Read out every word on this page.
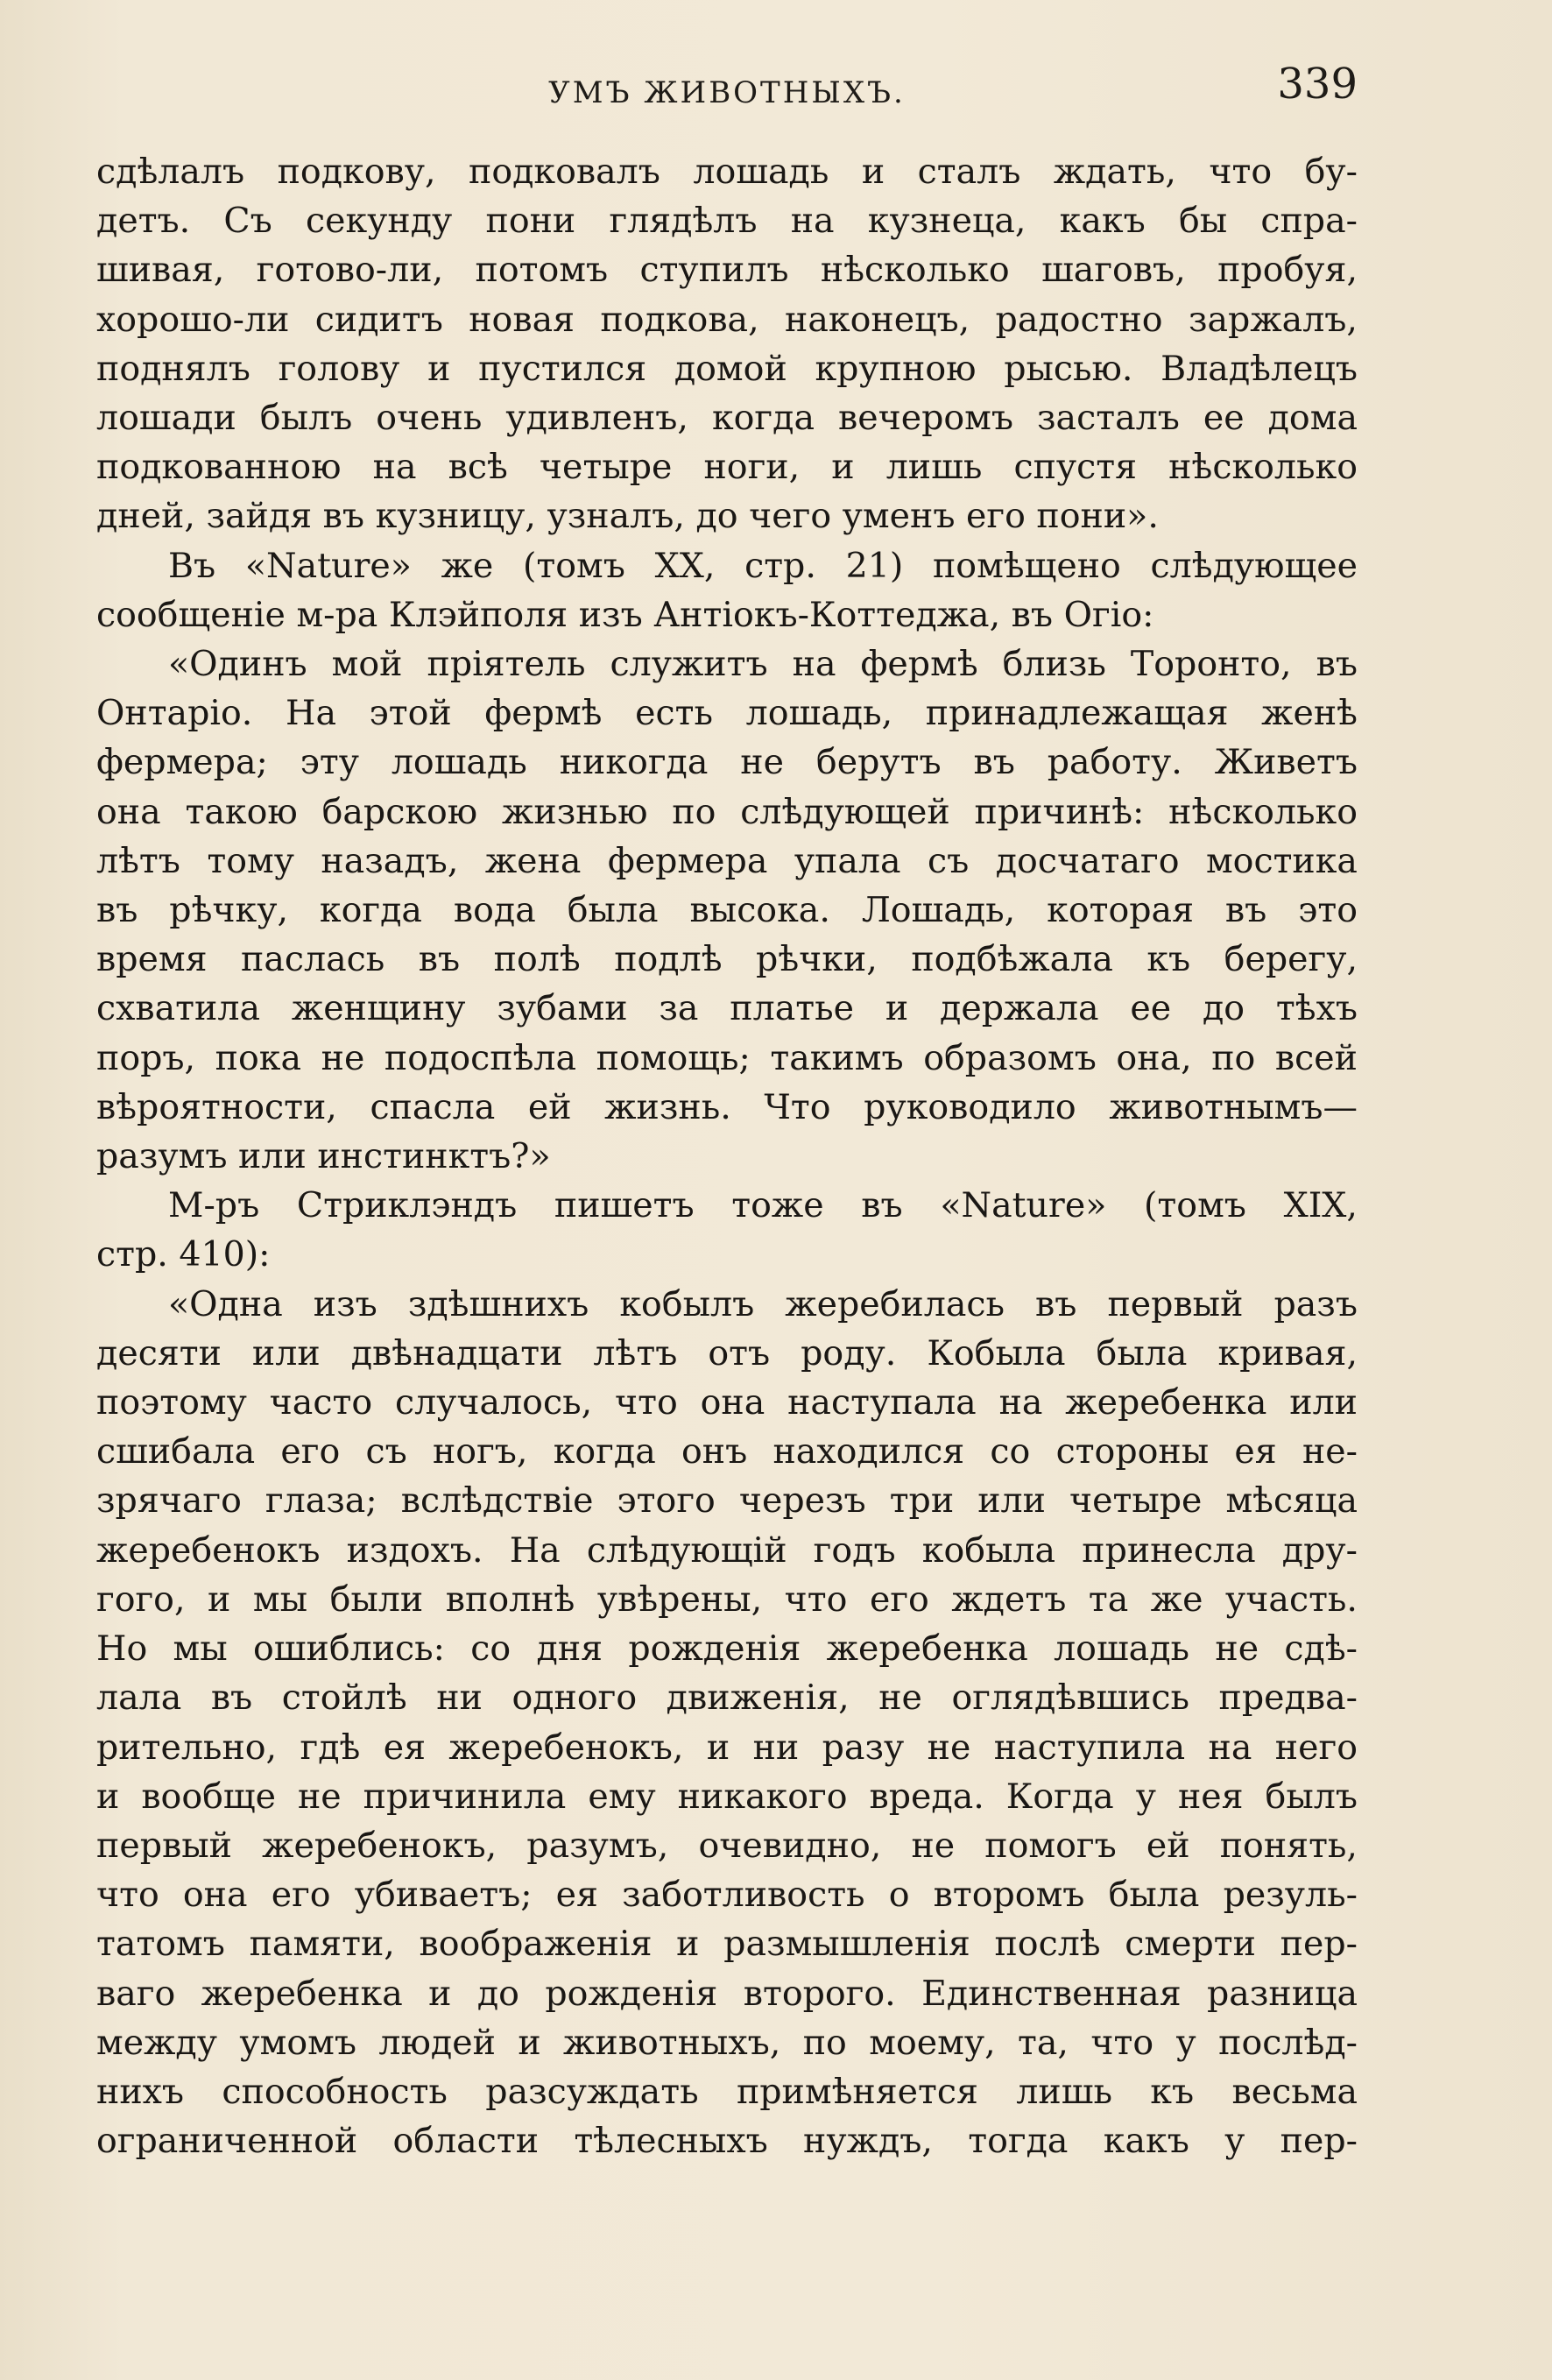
УМЪ ЖИВОТНЫХЪ.	339
сдѣлалъ подкову, подковалъ лошадь и сталъ ждать, что бу-
детъ. Съ секунду пони глядѣлъ на кузнеца, какъ бы спра-
шивая, готово-ли, потомъ ступилъ нѣсколько шаговъ, пробуя,
хорошо-ли сидитъ новая подкова, наконецъ, радостно заржалъ,
поднялъ голову и пустился домой крупною рысью. Владѣлецъ
лошади былъ очень удивленъ, когда вечеромъ засталъ ее дома
подкованною на всѣ четыре ноги, и лишь спустя нѣсколько
дней, зайдя въ кузницу, узналъ, до чего уменъ его пони».
Въ «Nature» же (томъ XX, стр. 21) помѣщено слѣдующее
сообщеніе м-ра Клэйполя изъ Антіокъ-Коттеджа, въ Огіо:
«Одинъ мой пріятель служитъ на фермѣ близь Торонто, въ
Онтаріо. На этой фермѣ есть лошадь, принадлежащая женѣ
фермера; эту лошадь никогда не берутъ въ работу. Живетъ
она такою барскою жизнью по слѣдующей причинѣ: нѣсколько
лѣтъ тому назадъ, жена фермера упала съ досчатаго мостика
въ рѣчку, когда вода была высока. Лошадь, которая въ это
время паслась въ полѣ подлѣ рѣчки, подбѣжала къ берегу,
схватила женщину зубами за платье и держала ее до тѣхъ
поръ, пока не подоспѣла помощь; такимъ образомъ она, по всей
вѣроятности, спасла ей жизнь. Что руководило животнымъ—
разумъ или инстинктъ?»
М-ръ Стриклэндъ пишетъ тоже въ «Nature» (томъ XIX,
стр. 410):
«Одна изъ здѣшнихъ кобылъ жеребилась въ первый разъ
десяти или двѣнадцати лѣтъ отъ роду. Кобыла была кривая,
поэтому часто случалось, что она наступала на жеребенка или
сшибала его съ ногъ, когда онъ находился со стороны ея не-
зрячаго глаза; вслѣдствіе этого черезъ три или четыре мѣсяца
жеребенокъ издохъ. На слѣдующій годъ кобыла принесла дру-
гого, и мы были вполнѣ увѣрены, что его ждетъ та же участь.
Но мы ошиблись: со дня рожденія жеребенка лошадь не сдѣ-
лала въ стойлѣ ни одного движенія, не оглядѣвшись предва-
рительно, гдѣ ея жеребенокъ, и ни разу не наступила на него
и вообще не причинила ему никакого вреда. Когда у нея былъ
первый жеребенокъ, разумъ, очевидно, не помогъ ей понять,
что она его убиваетъ; ея заботливость о второмъ была резуль-
татомъ памяти, воображенія и размышленія послѣ смерти пер-
ваго жеребенка и до рожденія второго. Единственная разница
между умомъ людей и животныхъ, по моему, та, что у послѣд-
нихъ способность разсуждать примѣняется лишь къ весьма
ограниченной области тѣлесныхъ нуждъ, тогда какъ у пер-
